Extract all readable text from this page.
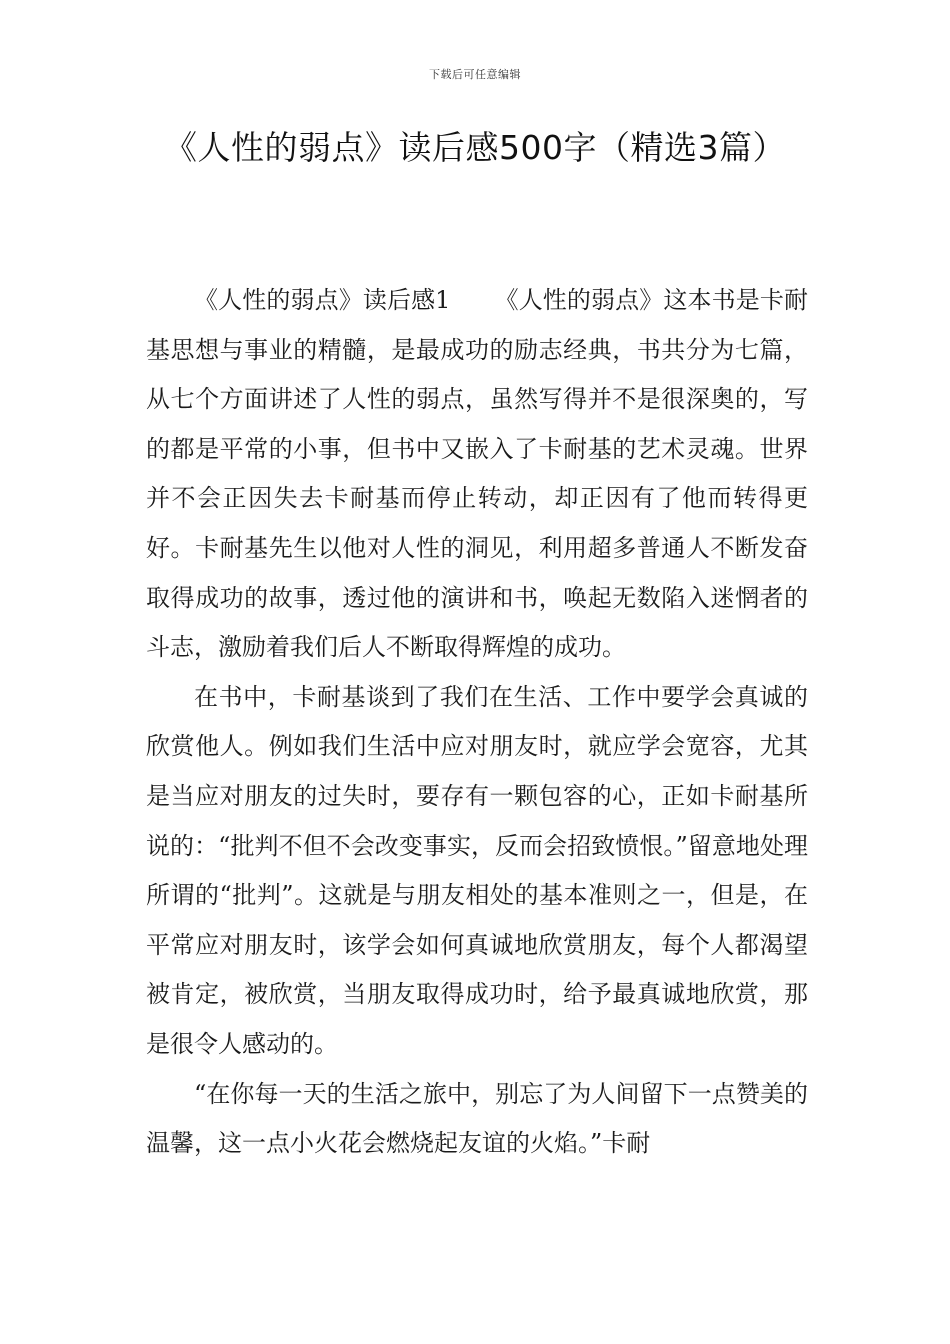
下载后可任意编辑
《人性的弱点》读后感500字（精选3篇）

《人性的弱点》读后感1 《人性的弱点》这本书是卡耐基思想与事业的精髓，是最成功的励志经典，书共分为七篇，从七个方面讲述了人性的弱点，虽然写得并不是很深奥的，写的都是平常的小事，但书中又嵌入了卡耐基的艺术灵魂。世界并不会正因失去卡耐基而停止转动，却正因有了他而转得更好。卡耐基先生以他对人性的洞见，利用超多普通人不断发奋取得成功的故事，透过他的演讲和书，唤起无数陷入迷惘者的斗志，激励着我们后人不断取得辉煌的成功。

在书中，卡耐基谈到了我们在生活、工作中要学会真诚的欣赏他人。例如我们生活中应对朋友时，就应学会宽容，尤其是当应对朋友的过失时，要存有一颗包容的心，正如卡耐基所说的：“批判不但不会改变事实，反而会招致愤恨。”留意地处理所谓的“批判”。这就是与朋友相处的基本准则之一，但是，在平常应对朋友时，该学会如何真诚地欣赏朋友，每个人都渴望被肯定，被欣赏，当朋友取得成功时，给予最真诚地欣赏，那是很令人感动的。

“在你每一天的生活之旅中，别忘了为人间留下一点赞美的温馨，这一点小火花会燃烧起友谊的火焰。”卡耐
